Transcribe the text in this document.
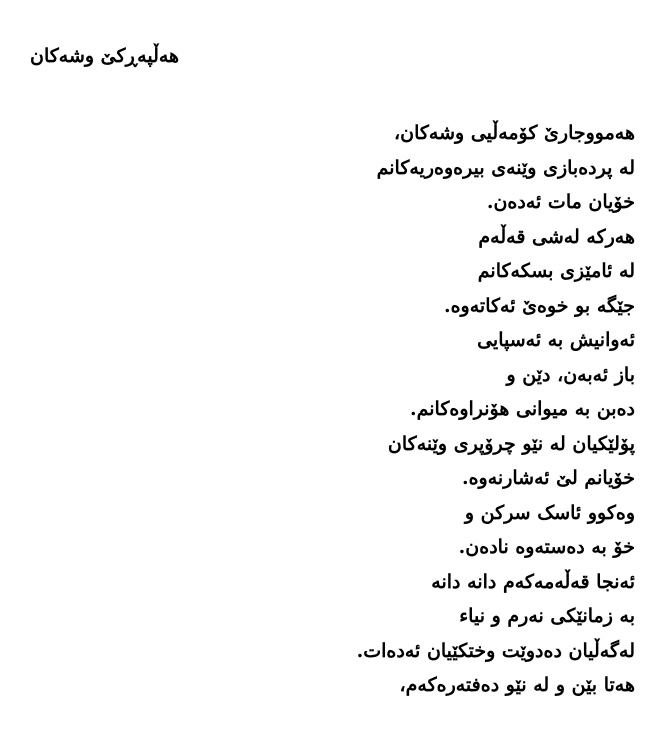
هەڵپەڕکێ وشەکان
هەمووجارێ کۆمەڵیی وشەکان،
لە پردەبازی وێنەی بیرەوەریەکانم
خۆیان مات ئەدەن.
هەرکە لەشی قەڵەم
لە ئامێزی بسکەکانم
جێگە بو خوەێ ئەکاتەوە.
ئەوانیش بە ئەسپایی
باز ئەبەن، دێن و
دەبن بە میوانی هۆنراوەکانم.
پۆلێکیان لە نێو چرۆپری وێنەکان
خۆیانم لێ ئەشارنەوە.
وەکوو ئاسک سرکن و
خۆ بە دەستەوە نادەن.
ئەنجا قەڵەمەکەم دانە دانە
بە زمانێکی نەرم و نیاء
لەگەڵیان دەدوێت وختکێیان ئەدەات.
هەتا بێن و لە نێو دەفتەرەکەم،
